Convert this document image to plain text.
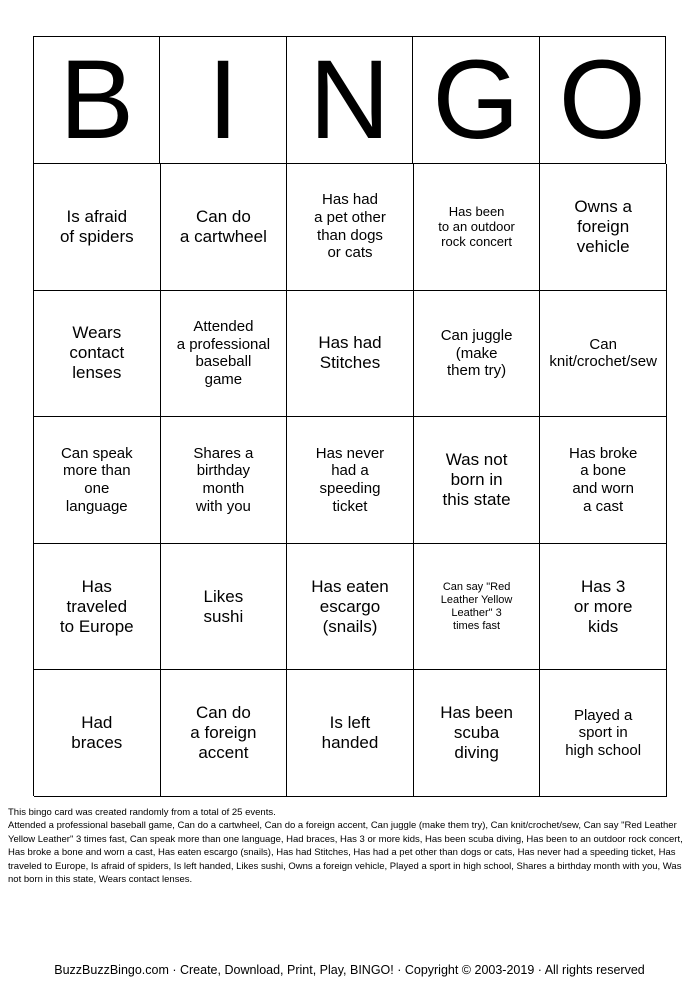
B I N G O
Is afraid
of spiders
Can do
a cartwheel
Has had
a pet other
than dogs
or cats
Has been
to an outdoor
rock concert
Owns a
foreign
vehicle
Wears
contact
lenses
Attended
a professional
baseball
game
Has had
Stitches
Can juggle
(make
them try)
Can
knit/crochet/sew
Can speak
more than
one
language
Shares a
birthday
month
with you
Has never
had a
speeding
ticket
Was not
born in
this state
Has broke
a bone
and worn
a cast
Has
traveled
to Europe
Likes
sushi
Has eaten
escargo
(snails)
Can say "Red
Leather Yellow
Leather" 3
times fast
Has 3
or more
kids
Had
braces
Can do
a foreign
accent
Is left
handed
Has been
scuba
diving
Played a
sport in
high school

This bingo card was created randomly from a total of 25 events.

Attended a professional baseball game, Can do a cartwheel, Can do a foreign accent, Can juggle (make them try), Can knit/crochet/sew, Can say "Red Leather Yellow Leather" 3 times fast, Can speak more than one language, Had braces, Has 3 or more kids, Has been scuba diving, Has been to an outdoor rock concert, Has broke a bone and worn a cast, Has eaten escargo (snails), Has had Stitches, Has had a pet other than dogs or cats, Has never had a speeding ticket, Has traveled to Europe, Is afraid of spiders, Is left handed, Likes sushi, Owns a foreign vehicle, Played a sport in high school, Shares a birthday month with you, Was not born in this state, Wears contact lenses.

BuzzBuzzBingo.com · Create, Download, Print, Play, BINGO! · Copyright © 2003-2019 · All rights reserved
